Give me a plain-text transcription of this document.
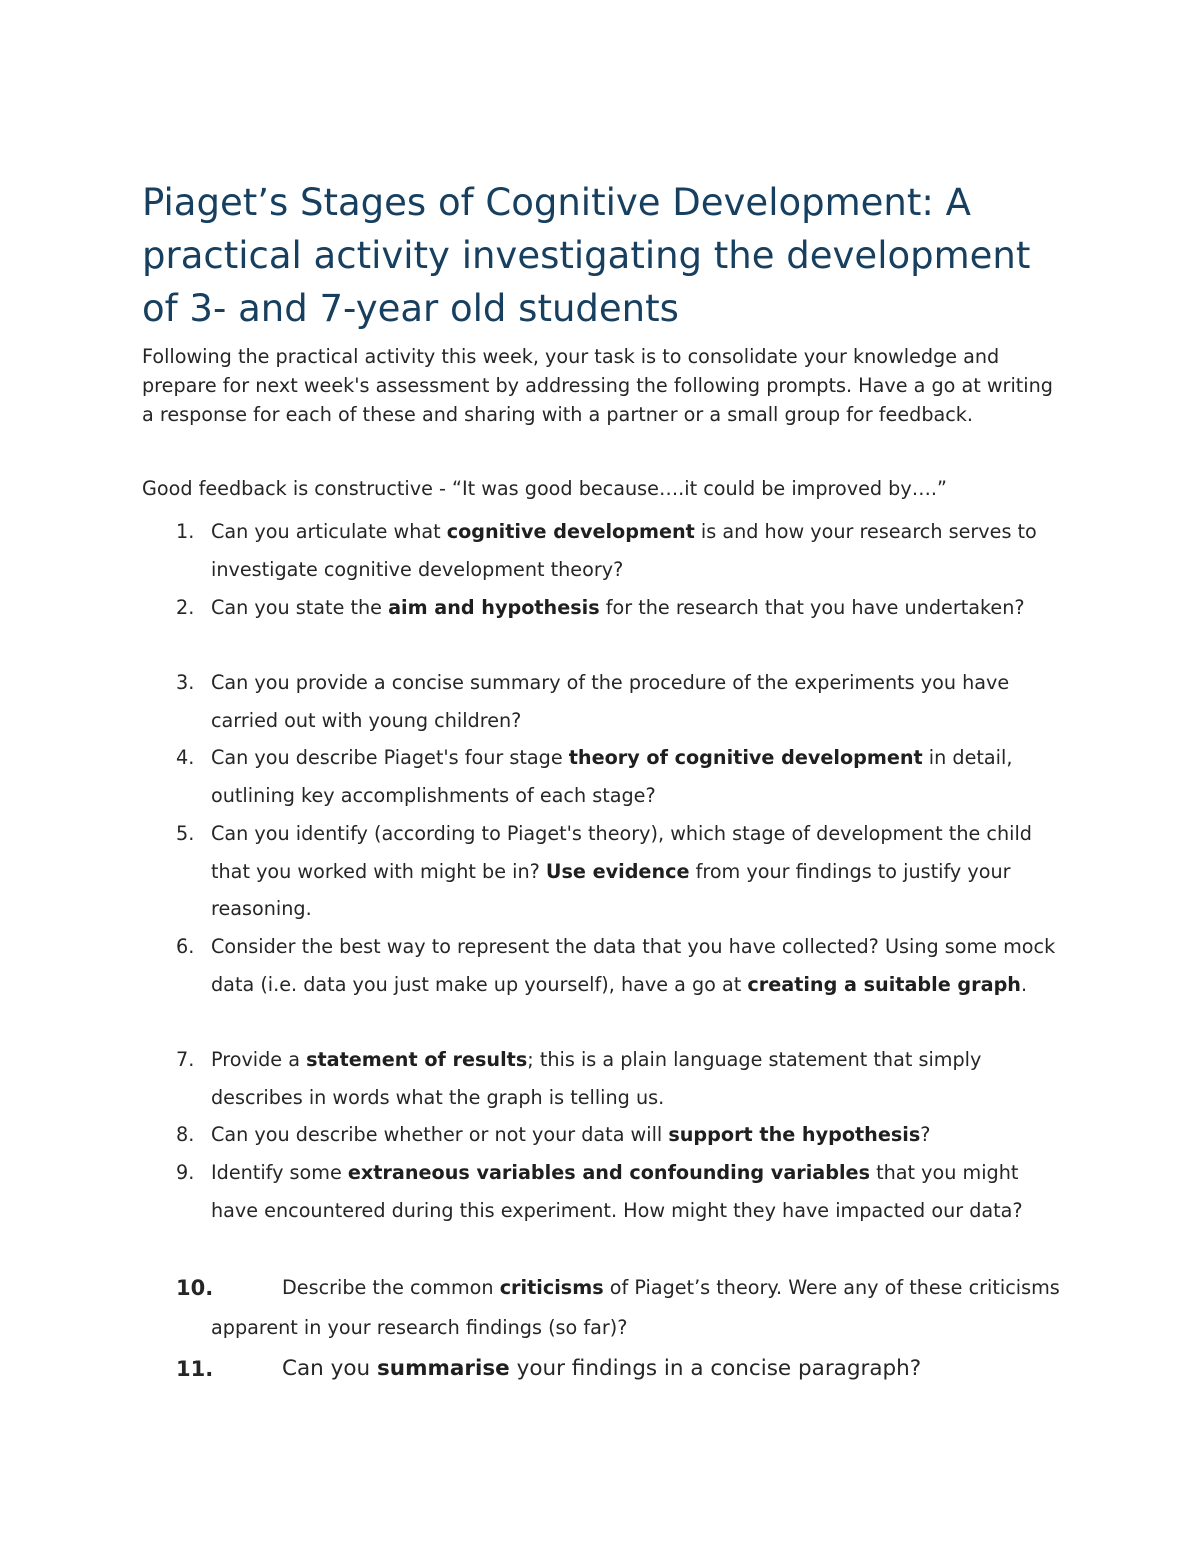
Piaget’s Stages of Cognitive Development: A practical activity investigating the development of 3- and 7-year old students

Following the practical activity this week, your task is to consolidate your knowledge and prepare for next week's assessment by addressing the following prompts. Have a go at writing a response for each of these and sharing with a partner or a small group for feedback.

Good feedback is constructive - “It was good because….it could be improved by….”

1. Can you articulate what cognitive development is and how your research serves to investigate cognitive development theory?
2. Can you state the aim and hypothesis for the research that you have undertaken?
3. Can you provide a concise summary of the procedure of the experiments you have carried out with young children?
4. Can you describe Piaget's four stage theory of cognitive development in detail, outlining key accomplishments of each stage?
5. Can you identify (according to Piaget's theory), which stage of development the child that you worked with might be in? Use evidence from your findings to justify your reasoning.
6. Consider the best way to represent the data that you have collected? Using some mock data (i.e. data you just make up yourself), have a go at creating a suitable graph.
7. Provide a statement of results; this is a plain language statement that simply describes in words what the graph is telling us.
8. Can you describe whether or not your data will support the hypothesis?
9. Identify some extraneous variables and confounding variables that you might have encountered during this experiment. How might they have impacted our data?
10.	Describe the common criticisms of Piaget’s theory. Were any of these criticisms apparent in your research findings (so far)?
11.	Can you summarise your findings in a concise paragraph?
